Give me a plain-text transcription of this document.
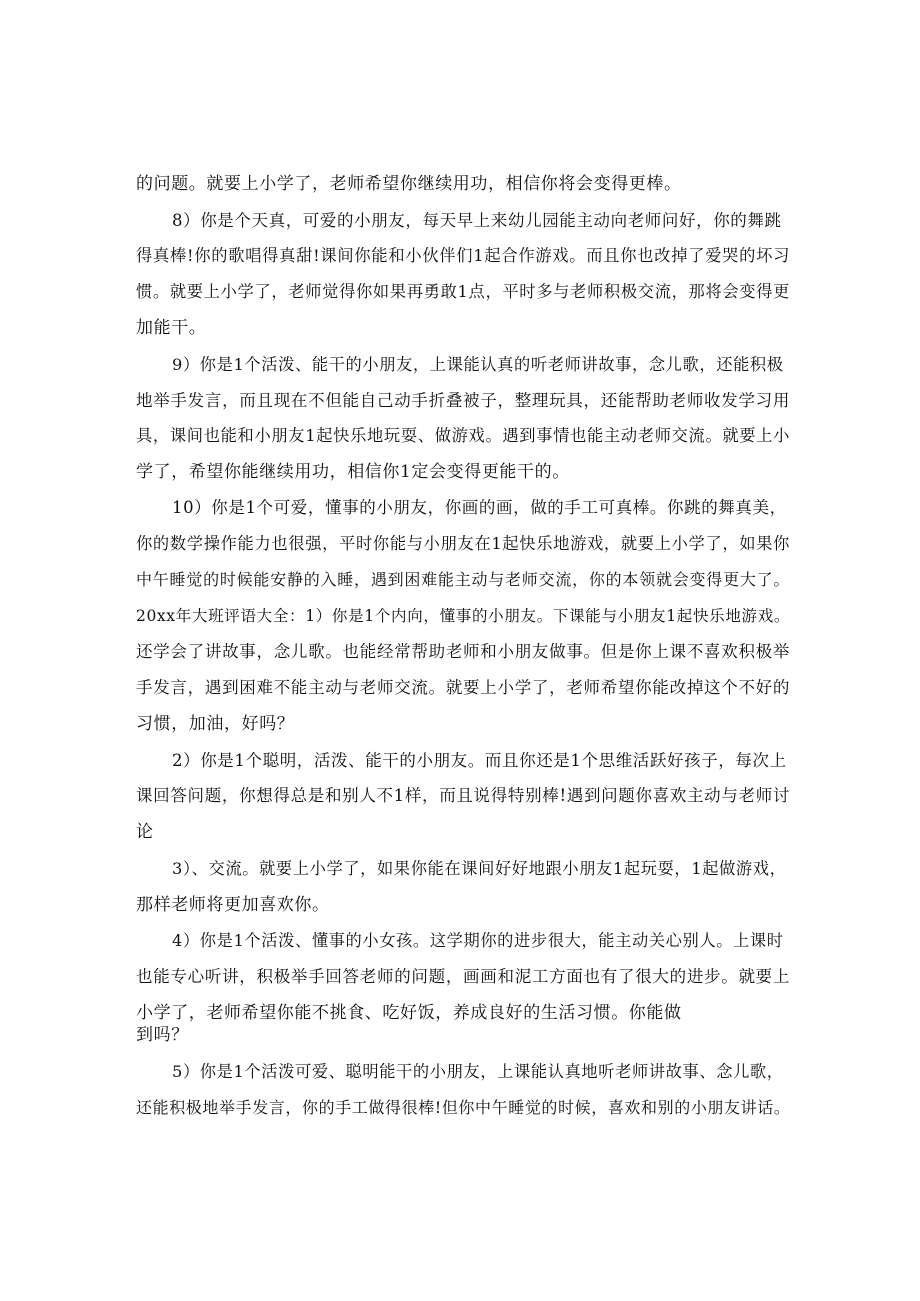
的问题。就要上小学了，老师希望你继续用功，相信你将会变得更棒。

8）你是个天真，可爱的小朋友，每天早上来幼儿园能主动向老师问好，你的舞跳

得真棒!你的歌唱得真甜!课间你能和小伙伴们1起合作游戏。而且你也改掉了爱哭的坏习

惯。就要上小学了，老师觉得你如果再勇敢1点，平时多与老师积极交流，那将会变得更

加能干。

9）你是1个活泼、能干的小朋友，上课能认真的听老师讲故事，念儿歌，还能积极

地举手发言，而且现在不但能自己动手折叠被子，整理玩具，还能帮助老师收发学习用

具，课间也能和小朋友1起快乐地玩耍、做游戏。遇到事情也能主动老师交流。就要上小

学了，希望你能继续用功，相信你1定会变得更能干的。

10）你是1个可爱，懂事的小朋友，你画的画，做的手工可真棒。你跳的舞真美，

你的数学操作能力也很强，平时你能与小朋友在1起快乐地游戏，就要上小学了，如果你

中午睡觉的时候能安静的入睡，遇到困难能主动与老师交流，你的本领就会变得更大了。

20xx年大班评语大全：1）你是1个内向，懂事的小朋友。下课能与小朋友1起快乐地游戏。

还学会了讲故事，念儿歌。也能经常帮助老师和小朋友做事。但是你上课不喜欢积极举

手发言，遇到困难不能主动与老师交流。就要上小学了，老师希望你能改掉这个不好的

习惯，加油，好吗？

2）你是1个聪明，活泼、能干的小朋友。而且你还是1个思维活跃好孩子，每次上

课回答问题，你想得总是和别人不1样，而且说得特别棒!遇到问题你喜欢主动与老师讨

论

3）、交流。就要上小学了，如果你能在课间好好地跟小朋友1起玩耍，1起做游戏，

那样老师将更加喜欢你。

4）你是1个活泼、懂事的小女孩。这学期你的进步很大，能主动关心别人。上课时

也能专心听讲，积极举手回答老师的问题，画画和泥工方面也有了很大的进步。就要上

小学了，老师希望你能不挑食、吃好饭，养成良好的生活习惯。你能做

到吗？

5）你是1个活泼可爱、聪明能干的小朋友，上课能认真地听老师讲故事、念儿歌，

还能积极地举手发言，你的手工做得很棒!但你中午睡觉的时候，喜欢和别的小朋友讲话。
